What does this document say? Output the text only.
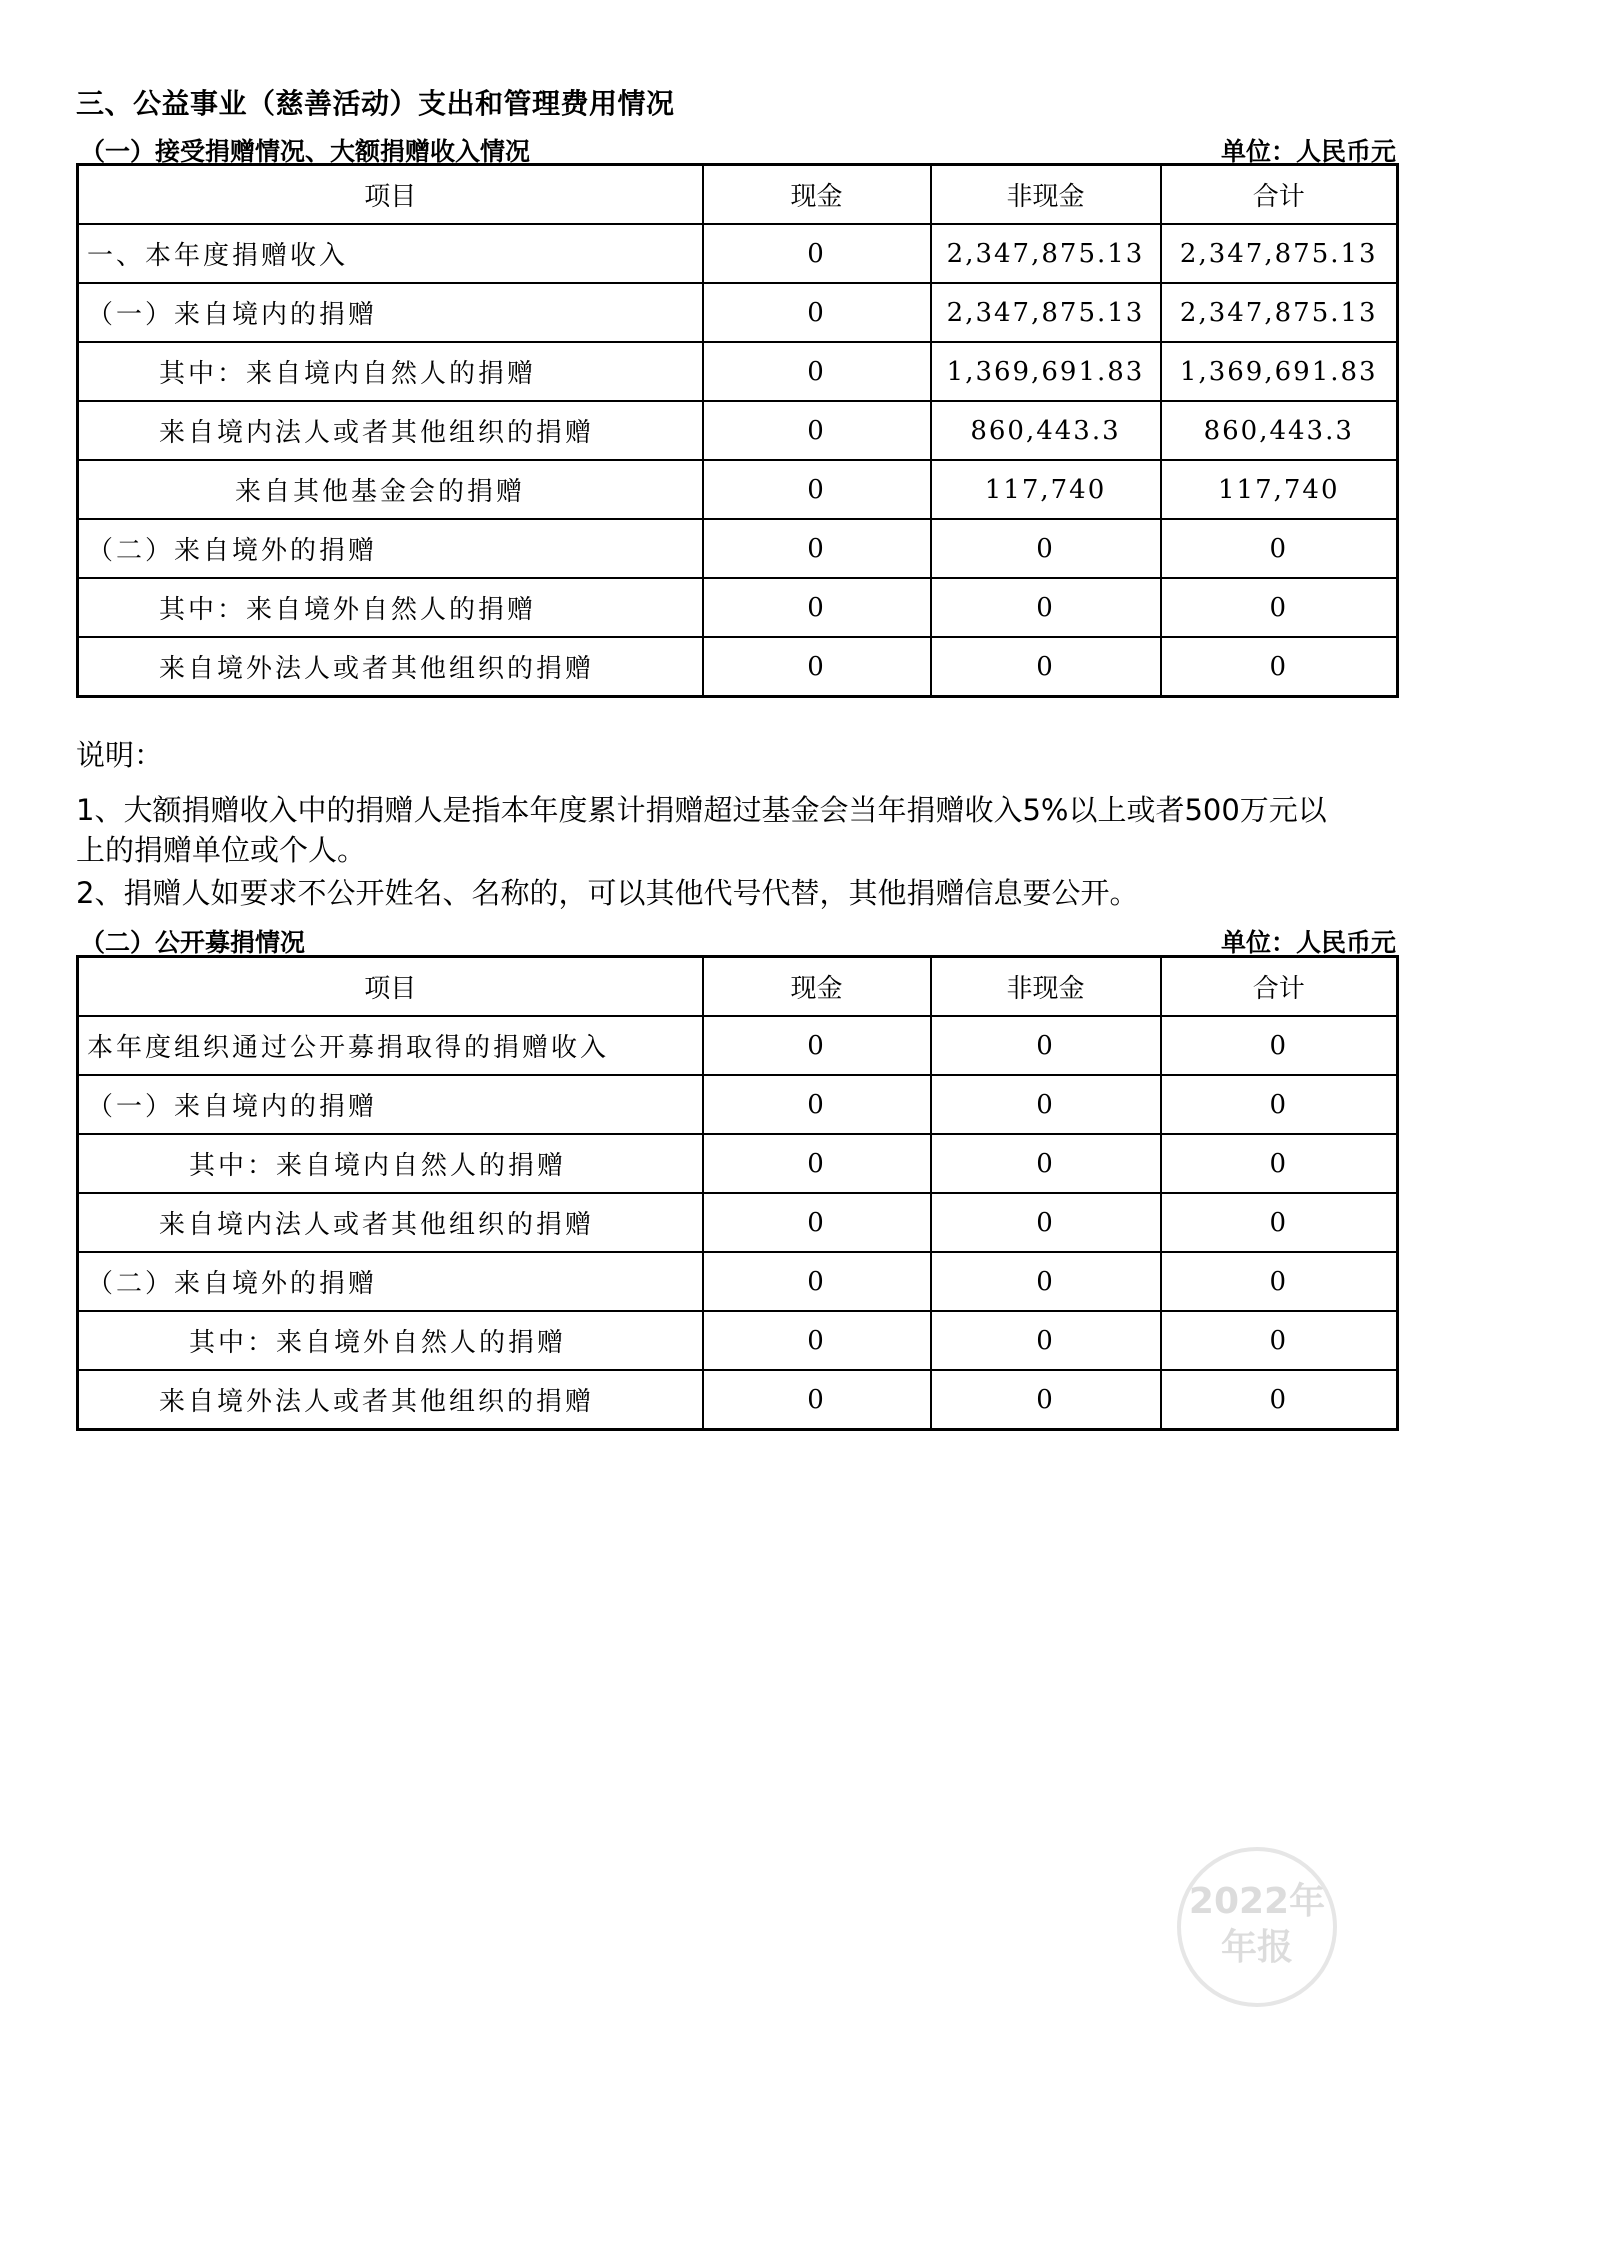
三、公益事业（慈善活动）支出和管理费用情况
（一）接受捐赠情况、大额捐赠收入情况	单位：人民币元
项目	现金	非现金	合计
一、本年度捐赠收入	0	2,347,875.13	2,347,875.13
（一）来自境内的捐赠	0	2,347,875.13	2,347,875.13
其中：来自境内自然人的捐赠	0	1,369,691.83	1,369,691.83
来自境内法人或者其他组织的捐赠	0	860,443.3	860,443.3
来自其他基金会的捐赠	0	117,740	117,740
（二）来自境外的捐赠	0	0	0
其中：来自境外自然人的捐赠	0	0	0
来自境外法人或者其他组织的捐赠	0	0	0
说明：
1、大额捐赠收入中的捐赠人是指本年度累计捐赠超过基金会当年捐赠收入5%以上或者500万元以
上的捐赠单位或个人。
2、捐赠人如要求不公开姓名、名称的，可以其他代号代替，其他捐赠信息要公开。
（二）公开募捐情况	单位：人民币元
项目	现金	非现金	合计
本年度组织通过公开募捐取得的捐赠收入	0	0	0
（一）来自境内的捐赠	0	0	0
其中：来自境内自然人的捐赠	0	0	0
来自境内法人或者其他组织的捐赠	0	0	0
（二）来自境外的捐赠	0	0	0
其中：来自境外自然人的捐赠	0	0	0
来自境外法人或者其他组织的捐赠	0	0	0
2022年
年报
